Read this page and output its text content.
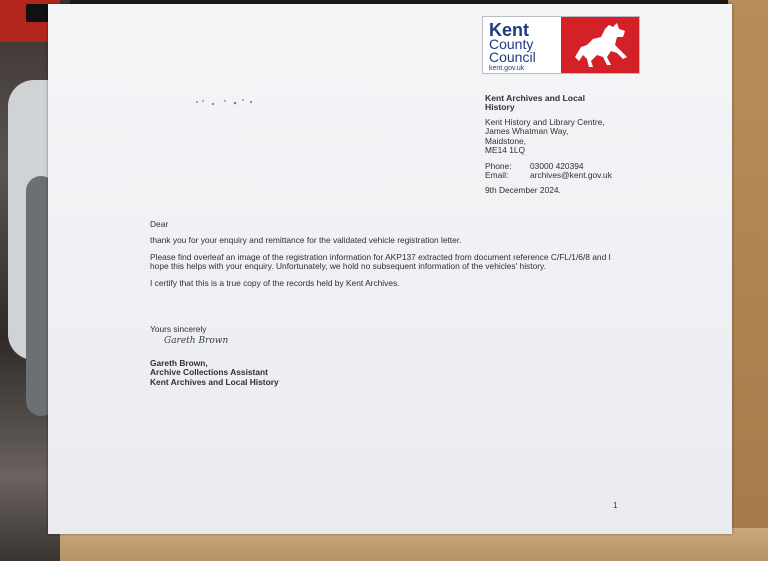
Kent
County
Council
kent.gov.uk
Kent Archives and Local
History
Kent History and Library Centre,
James Whatman Way,
Maidstone,
ME14 1LQ
Phone:	03000 420394
Email:	archives@kent.gov.uk
9th December 2024.

Dear

thank you for your enquiry and remittance for the validated vehicle registration letter.

Please find overleaf an image of the registration information for AKP137 extracted from document reference C/FL/1/6/8 and I hope this helps with your enquiry. Unfortunately, we hold no subsequent information of the vehicles' history.

I certify that this is a true copy of the records held by Kent Archives.

Yours sincerely
Gareth Brown
Gareth Brown,
Archive Collections Assistant
Kent Archives and Local History
1
